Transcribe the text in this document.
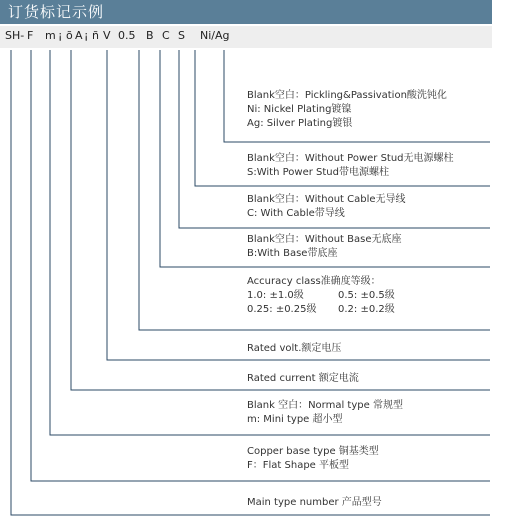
订货标记示例
SH- F m ¡ õ A ¡ ñ V 0.5 B C S Ni/Ag
Blank空白：Pickling&Passivation酸洗钝化
Ni: Nickel Plating镀镍
Ag: Silver Plating镀银
Blank空白：Without Power Stud无电源螺柱
S:With Power Stud带电源螺柱
Blank空白：Without Cable无导线
C: With Cable带导线
Blank空白：Without Base无底座
B:With Base带底座
Accuracy class准确度等级：
1.0: ±1.0级	0.5: ±0.5级
0.25: ±0.25级 0.2: ±0.2级
Rated volt.额定电压
Rated current 额定电流
Blank 空白：Normal type 常规型
m: Mini type 超小型
Copper base type 铜基类型
F：Flat Shape 平板型
Main type number 产品型号
